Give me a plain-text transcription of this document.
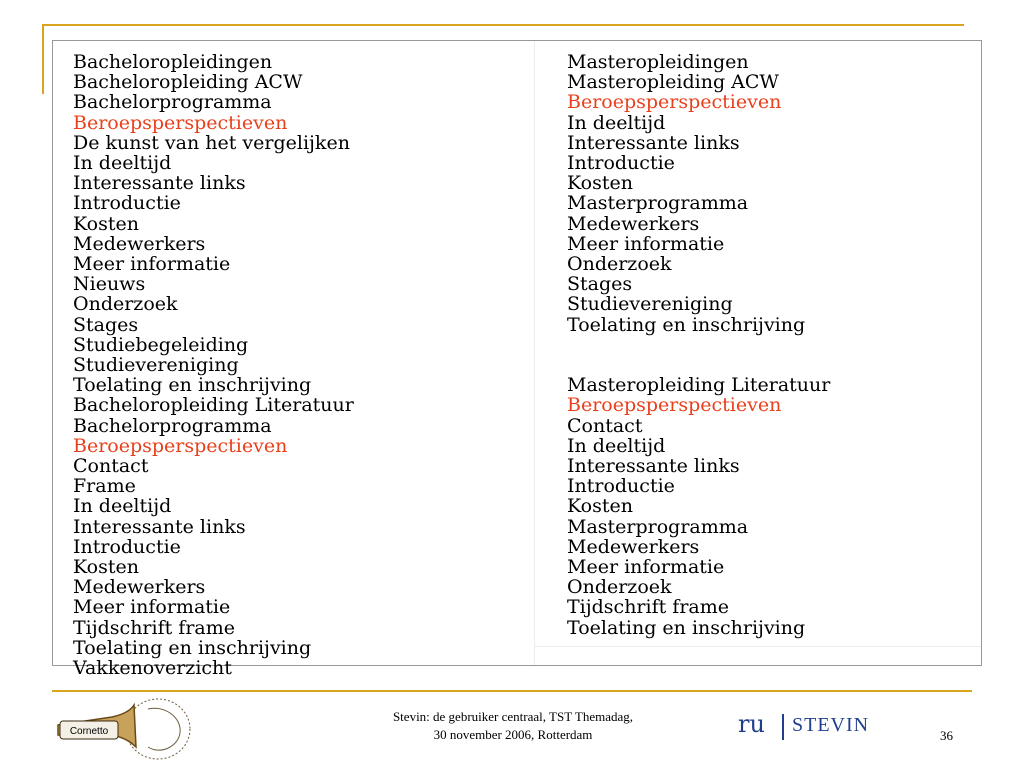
Bacheloropleidingen
Bacheloropleiding ACW
Bachelorprogramma
Beroepsperspectieven
De kunst van het vergelijken
In deeltijd
Interessante links
Introductie
Kosten
Medewerkers
Meer informatie
Nieuws
Onderzoek
Stages
Studiebegeleiding
Studievereniging
Toelating en inschrijving
Bacheloropleiding Literatuur
Bachelorprogramma
Beroepsperspectieven
Contact
Frame
In deeltijd
Interessante links
Introductie
Kosten
Medewerkers
Meer informatie
Tijdschrift frame
Toelating en inschrijving
Vakkenoverzicht
Masteropleidingen
Masteropleiding ACW
Beroepsperspectieven
In deeltijd
Interessante links
Introductie
Kosten
Masterprogramma
Medewerkers
Meer informatie
Onderzoek
Stages
Studievereniging
Toelating en inschrijving
Masteropleiding Literatuur
Beroepsperspectieven
Contact
In deeltijd
Interessante links
Introductie
Kosten
Masterprogramma
Medewerkers
Meer informatie
Onderzoek
Tijdschrift frame
Toelating en inschrijving
Cornetto
Stevin: de gebruiker centraal, TST Themadag,
30 november 2006, Rotterdam	ru STEVIN	36
